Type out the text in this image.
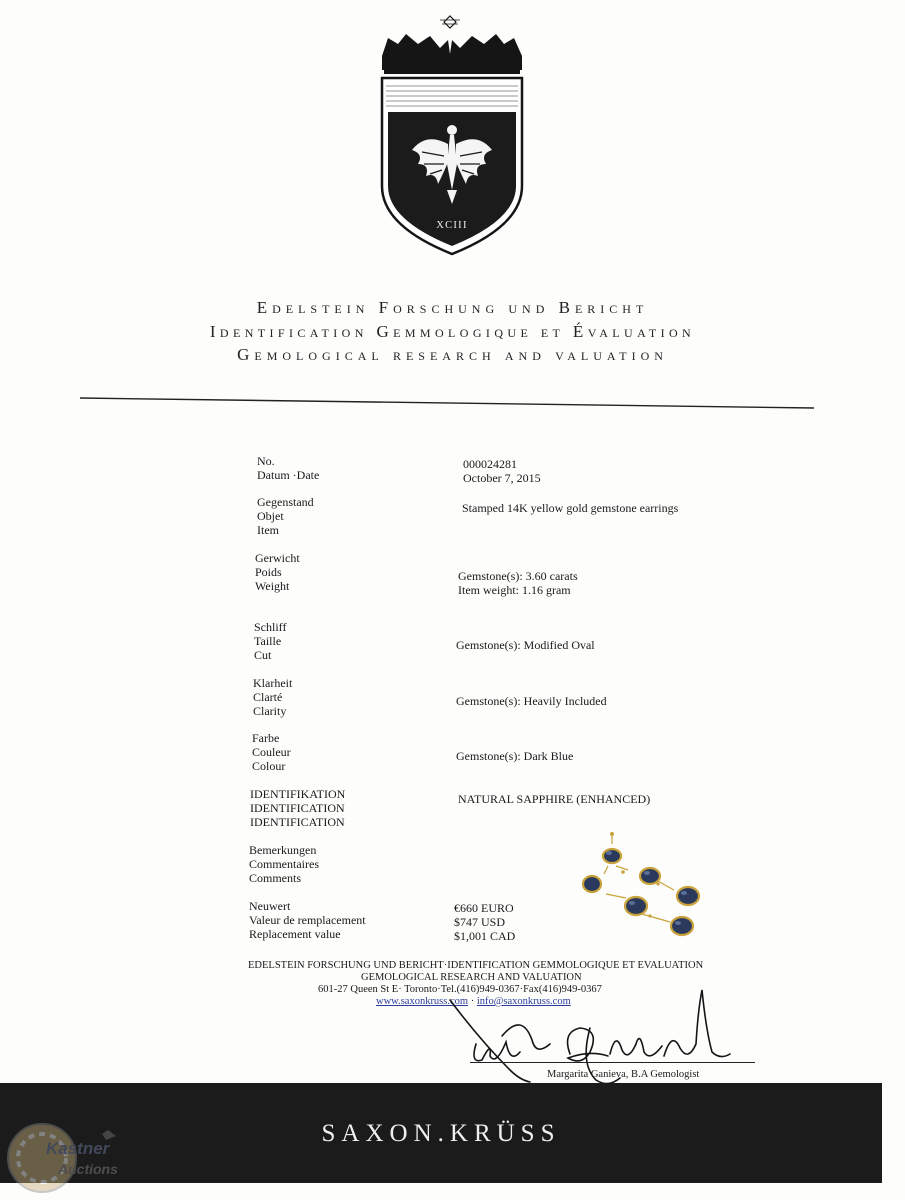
XCIII
Edelstein Forschung und Bericht
Identification Gemmologique et Évaluation
Gemological research and valuation
No.	000024281
Datum ·Date	October 7, 2015
Gegenstand
Objet
Item
Stamped 14K yellow gold gemstone earrings
Gerwicht
Poids
Weight
Gemstone(s): 3.60 carats
Item weight: 1.16 gram
Schliff
Taille
Cut
Gemstone(s): Modified Oval
Klarheit
Clarté
Clarity
Gemstone(s): Heavily Included
Farbe
Couleur
Colour
Gemstone(s): Dark Blue
IDENTIFIKATION
IDENTIFICATION
IDENTIFICATION
NATURAL SAPPHIRE (ENHANCED)
Bemerkungen
Commentaires
Comments
Neuwert
Valeur de remplacement
Replacement value
€660 EURO
$747 USD
$1,001 CAD
EDELSTEIN FORSCHUNG UND BERICHT·IDENTIFICATION GEMMOLOGIQUE ET EVALUATION
GEMOLOGICAL RESEARCH AND VALUATION
601-27 Queen St E· Toronto·Tel.(416)949-0367·Fax(416)949-0367
www.saxonkruss.com · info@saxonkruss.com
Margarita Ganieva, B.A Gemologist
SAXON.KRÜSS
Kastner
Auctions
